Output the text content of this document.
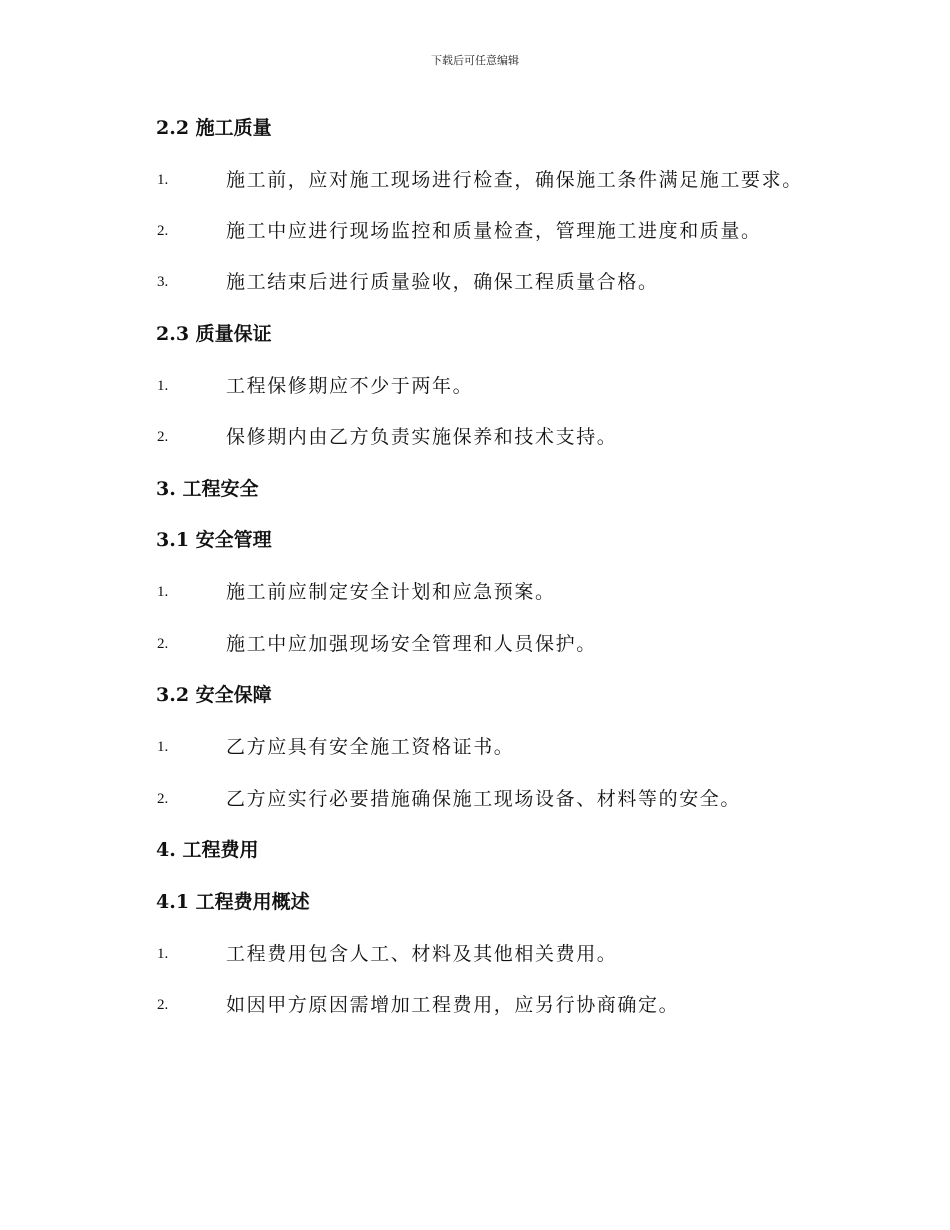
下载后可任意编辑
2.2 施工质量
1.	施工前，应对施工现场进行检查，确保施工条件满足施工要求。
2.	施工中应进行现场监控和质量检查，管理施工进度和质量。
3.	施工结束后进行质量验收，确保工程质量合格。
2.3 质量保证
1.	工程保修期应不少于两年。
2.	保修期内由乙方负责实施保养和技术支持。
3. 工程安全
3.1 安全管理
1.	施工前应制定安全计划和应急预案。
2.	施工中应加强现场安全管理和人员保护。
3.2 安全保障
1.	乙方应具有安全施工资格证书。
2.	乙方应实行必要措施确保施工现场设备、材料等的安全。
4. 工程费用
4.1 工程费用概述
1.	工程费用包含人工、材料及其他相关费用。
2.	如因甲方原因需增加工程费用，应另行协商确定。
